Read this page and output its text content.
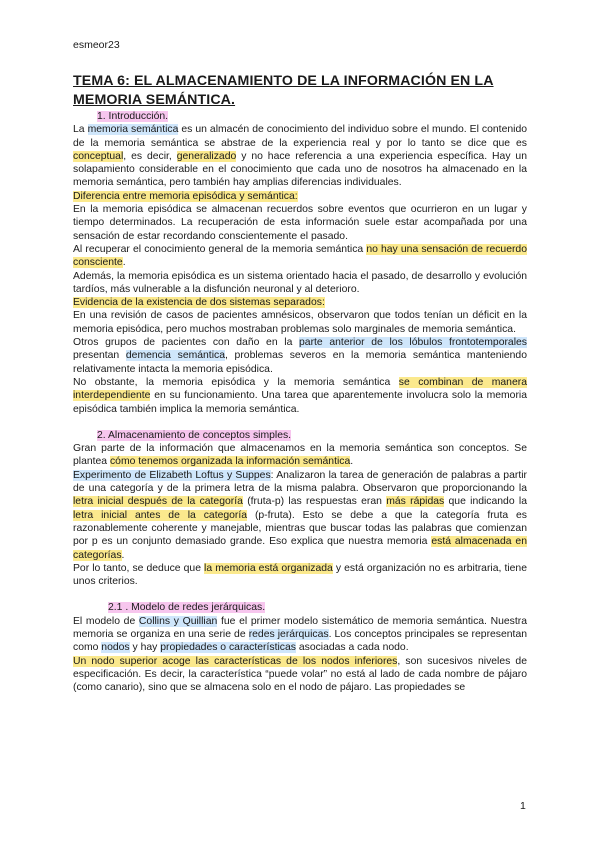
esmeor23
TEMA 6: EL ALMACENAMIENTO DE LA INFORMACIÓN EN LA MEMORIA SEMÁNTICA.
1. Introducción.

La memoria semántica es un almacén de conocimiento del individuo sobre el mundo. El contenido de la memoria semántica se abstrae de la experiencia real y por lo tanto se dice que es conceptual, es decir, generalizado y no hace referencia a una experiencia específica. Hay un solapamiento considerable en el conocimiento que cada uno de nosotros ha almacenado en la memoria semántica, pero también hay amplias diferencias individuales.

Diferencia entre memoria episódica y semántica:

En la memoria episódica se almacenan recuerdos sobre eventos que ocurrieron en un lugar y tiempo determinados. La recuperación de esta información suele estar acompañada por una sensación de estar recordando conscientemente el pasado.

Al recuperar el conocimiento general de la memoria semántica no hay una sensación de recuerdo consciente.

Además, la memoria episódica es un sistema orientado hacia el pasado, de desarrollo y evolución tardíos, más vulnerable a la disfunción neuronal y al deterioro.

Evidencia de la existencia de dos sistemas separados:

En una revisión de casos de pacientes amnésicos, observaron que todos tenían un déficit en la memoria episódica, pero muchos mostraban problemas solo marginales de memoria semántica.

Otros grupos de pacientes con daño en la parte anterior de los lóbulos frontotemporales presentan demencia semántica, problemas severos en la memoria semántica manteniendo relativamente intacta la memoria episódica.

No obstante, la memoria episódica y la memoria semántica se combinan de manera interdependiente en su funcionamiento. Una tarea que aparentemente involucra solo la memoria episódica también implica la memoria semántica.

2. Almacenamiento de conceptos simples.

Gran parte de la información que almacenamos en la memoria semántica son conceptos. Se plantea cómo tenemos organizada la información semántica.

Experimento de Elizabeth Loftus y Suppes: Analizaron la tarea de generación de palabras a partir de una categoría y de la primera letra de la misma palabra. Observaron que proporcionando la letra inicial después de la categoría (fruta-p) las respuestas eran más rápidas que indicando la letra inicial antes de la categoría (p-fruta). Esto se debe a que la categoría fruta es razonablemente coherente y manejable, mientras que buscar todas las palabras que comienzan por p es un conjunto demasiado grande. Eso explica que nuestra memoria está almacenada en categorías.

Por lo tanto, se deduce que la memoria está organizada y está organización no es arbitraria, tiene unos criterios.

2.1 . Modelo de redes jerárquicas.

El modelo de Collins y Quillian fue el primer modelo sistemático de memoria semántica. Nuestra memoria se organiza en una serie de redes jerárquicas. Los conceptos principales se representan como nodos y hay propiedades o características asociadas a cada nodo.

Un nodo superior acoge las características de los nodos inferiores, son sucesivos niveles de especificación. Es decir, la característica “puede volar” no está al lado de cada nombre de pájaro (como canario), sino que se almacena solo en el nodo de pájaro. Las propiedades se

1
